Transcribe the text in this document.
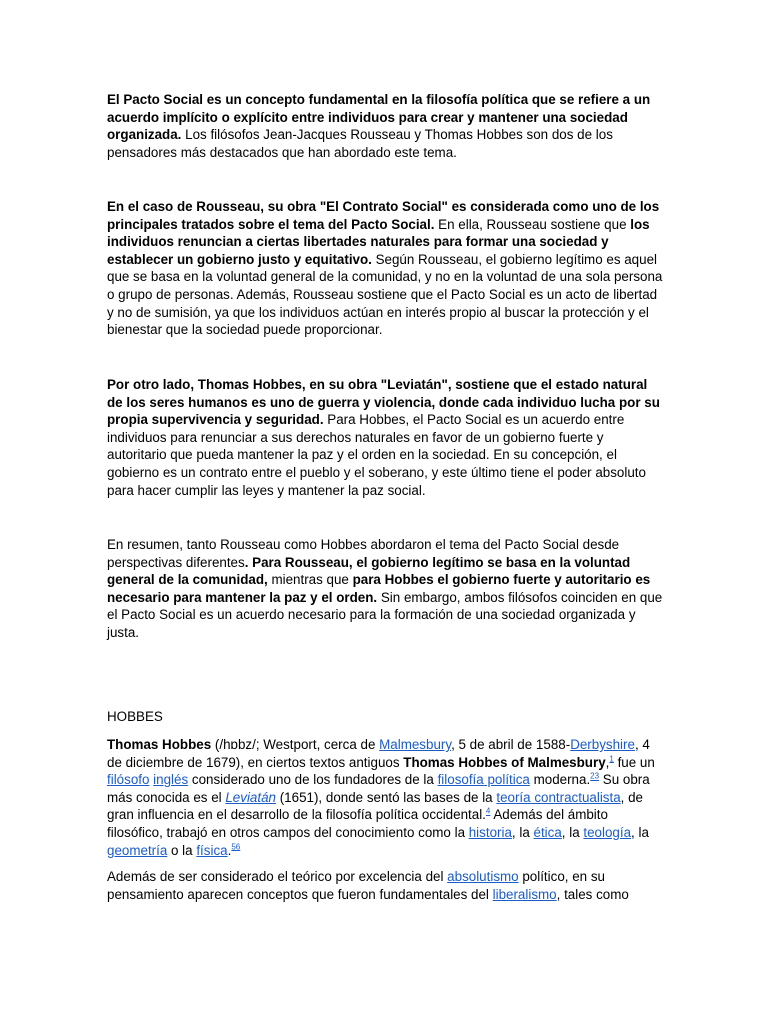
El Pacto Social es un concepto fundamental en la filosofía política que se refiere a un acuerdo implícito o explícito entre individuos para crear y mantener una sociedad organizada. Los filósofos Jean-Jacques Rousseau y Thomas Hobbes son dos de los pensadores más destacados que han abordado este tema.

En el caso de Rousseau, su obra "El Contrato Social" es considerada como uno de los principales tratados sobre el tema del Pacto Social. En ella, Rousseau sostiene que los individuos renuncian a ciertas libertades naturales para formar una sociedad y establecer un gobierno justo y equitativo. Según Rousseau, el gobierno legítimo es aquel que se basa en la voluntad general de la comunidad, y no en la voluntad de una sola persona o grupo de personas. Además, Rousseau sostiene que el Pacto Social es un acto de libertad y no de sumisión, ya que los individuos actúan en interés propio al buscar la protección y el bienestar que la sociedad puede proporcionar.

Por otro lado, Thomas Hobbes, en su obra "Leviatán", sostiene que el estado natural de los seres humanos es uno de guerra y violencia, donde cada individuo lucha por su propia supervivencia y seguridad. Para Hobbes, el Pacto Social es un acuerdo entre individuos para renunciar a sus derechos naturales en favor de un gobierno fuerte y autoritario que pueda mantener la paz y el orden en la sociedad. En su concepción, el gobierno es un contrato entre el pueblo y el soberano, y este último tiene el poder absoluto para hacer cumplir las leyes y mantener la paz social.

En resumen, tanto Rousseau como Hobbes abordaron el tema del Pacto Social desde perspectivas diferentes. Para Rousseau, el gobierno legítimo se basa en la voluntad general de la comunidad, mientras que para Hobbes el gobierno fuerte y autoritario es necesario para mantener la paz y el orden. Sin embargo, ambos filósofos coinciden en que el Pacto Social es un acuerdo necesario para la formación de una sociedad organizada y justa.

HOBBES

Thomas Hobbes (/hɒbz/; Westport, cerca de Malmesbury, 5 de abril de 1588-Derbyshire, 4 de diciembre de 1679), en ciertos textos antiguos Thomas Hobbes of Malmesbury,$^1$ fue un filósofo inglés considerado uno de los fundadores de la filosofía política moderna.$^{23}$ Su obra más conocida es el Leviatán (1651), donde sentó las bases de la teoría contractualista, de gran influencia en el desarrollo de la filosofía política occidental.$^4$ Además del ámbito filosófico, trabajó en otros campos del conocimiento como la historia, la ética, la teología, la geometría o la física.$^{56}$

Además de ser considerado el teórico por excelencia del absolutismo político, en su pensamiento aparecen conceptos que fueron fundamentales del liberalismo, tales como
